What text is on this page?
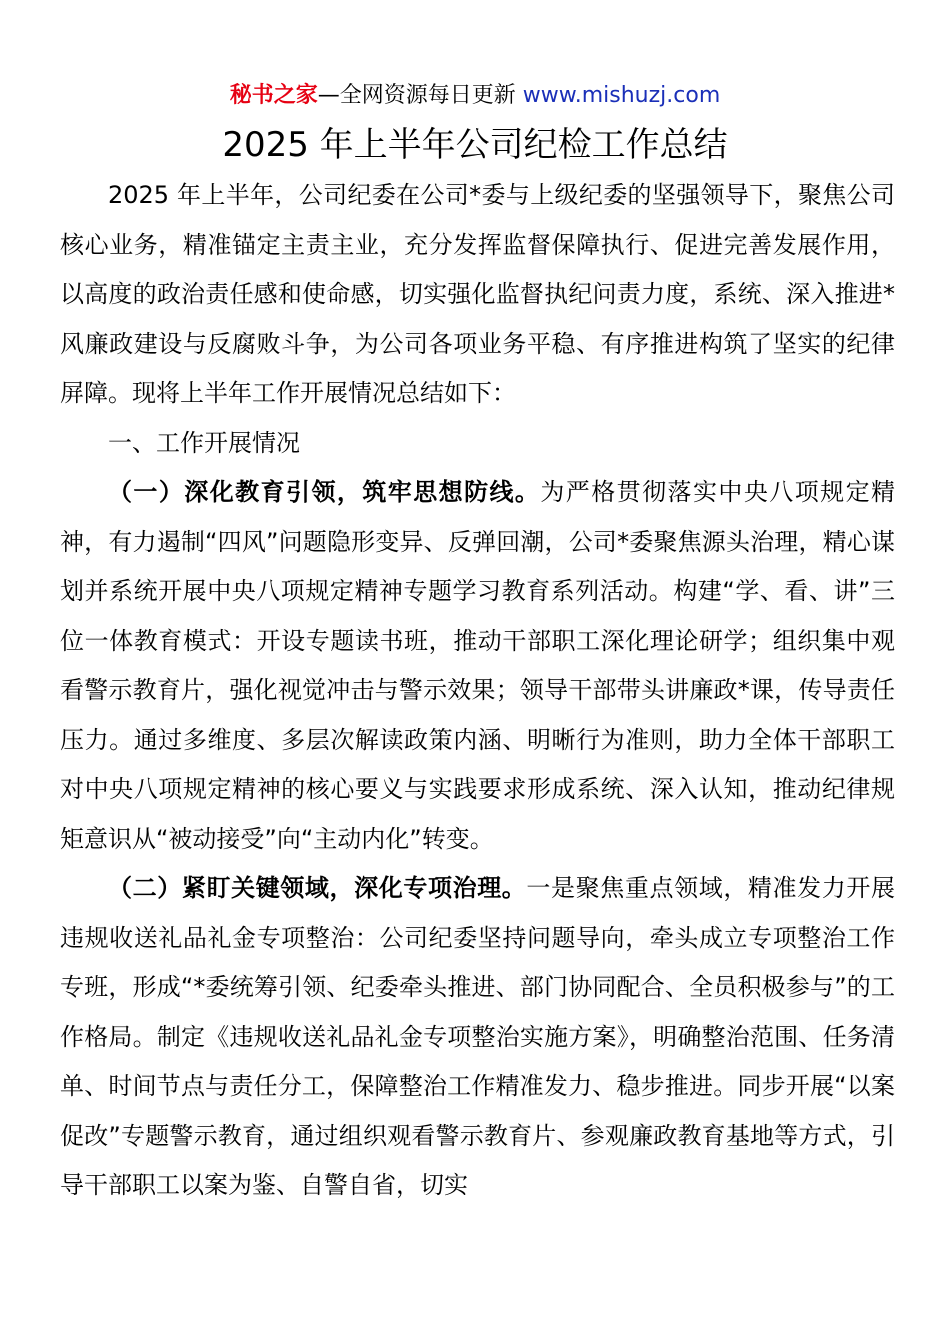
秘书之家—全网资源每日更新 www.mishuzj.com
2025 年上半年公司纪检工作总结

2025 年上半年，公司纪委在公司*委与上级纪委的坚强领导下，聚焦公司核心业务，精准锚定主责主业，充分发挥监督保障执行、促进完善发展作用，以高度的政治责任感和使命感，切实强化监督执纪问责力度，系统、深入推进*风廉政建设与反腐败斗争，为公司各项业务平稳、有序推进构筑了坚实的纪律屏障。现将上半年工作开展情况总结如下：

一、工作开展情况

（一）深化教育引领，筑牢思想防线。为严格贯彻落实中央八项规定精神，有力遏制“四风”问题隐形变异、反弹回潮，公司*委聚焦源头治理，精心谋划并系统开展中央八项规定精神专题学习教育系列活动。构建“学、看、讲”三位一体教育模式：开设专题读书班，推动干部职工深化理论研学；组织集中观看警示教育片，强化视觉冲击与警示效果；领导干部带头讲廉政*课，传导责任压力。通过多维度、多层次解读政策内涵、明晰行为准则，助力全体干部职工对中央八项规定精神的核心要义与实践要求形成系统、深入认知，推动纪律规矩意识从“被动接受”向“主动内化”转变。

（二）紧盯关键领域，深化专项治理。一是聚焦重点领域，精准发力开展违规收送礼品礼金专项整治：公司纪委坚持问题导向，牵头成立专项整治工作专班，形成“*委统筹引领、纪委牵头推进、部门协同配合、全员积极参与”的工作格局。制定《违规收送礼品礼金专项整治实施方案》，明确整治范围、任务清单、时间节点与责任分工，保障整治工作精准发力、稳步推进。同步开展“以案促改”专题警示教育，通过组织观看警示教育片、参观廉政教育基地等方式，引导干部职工以案为鉴、自警自省，切实
